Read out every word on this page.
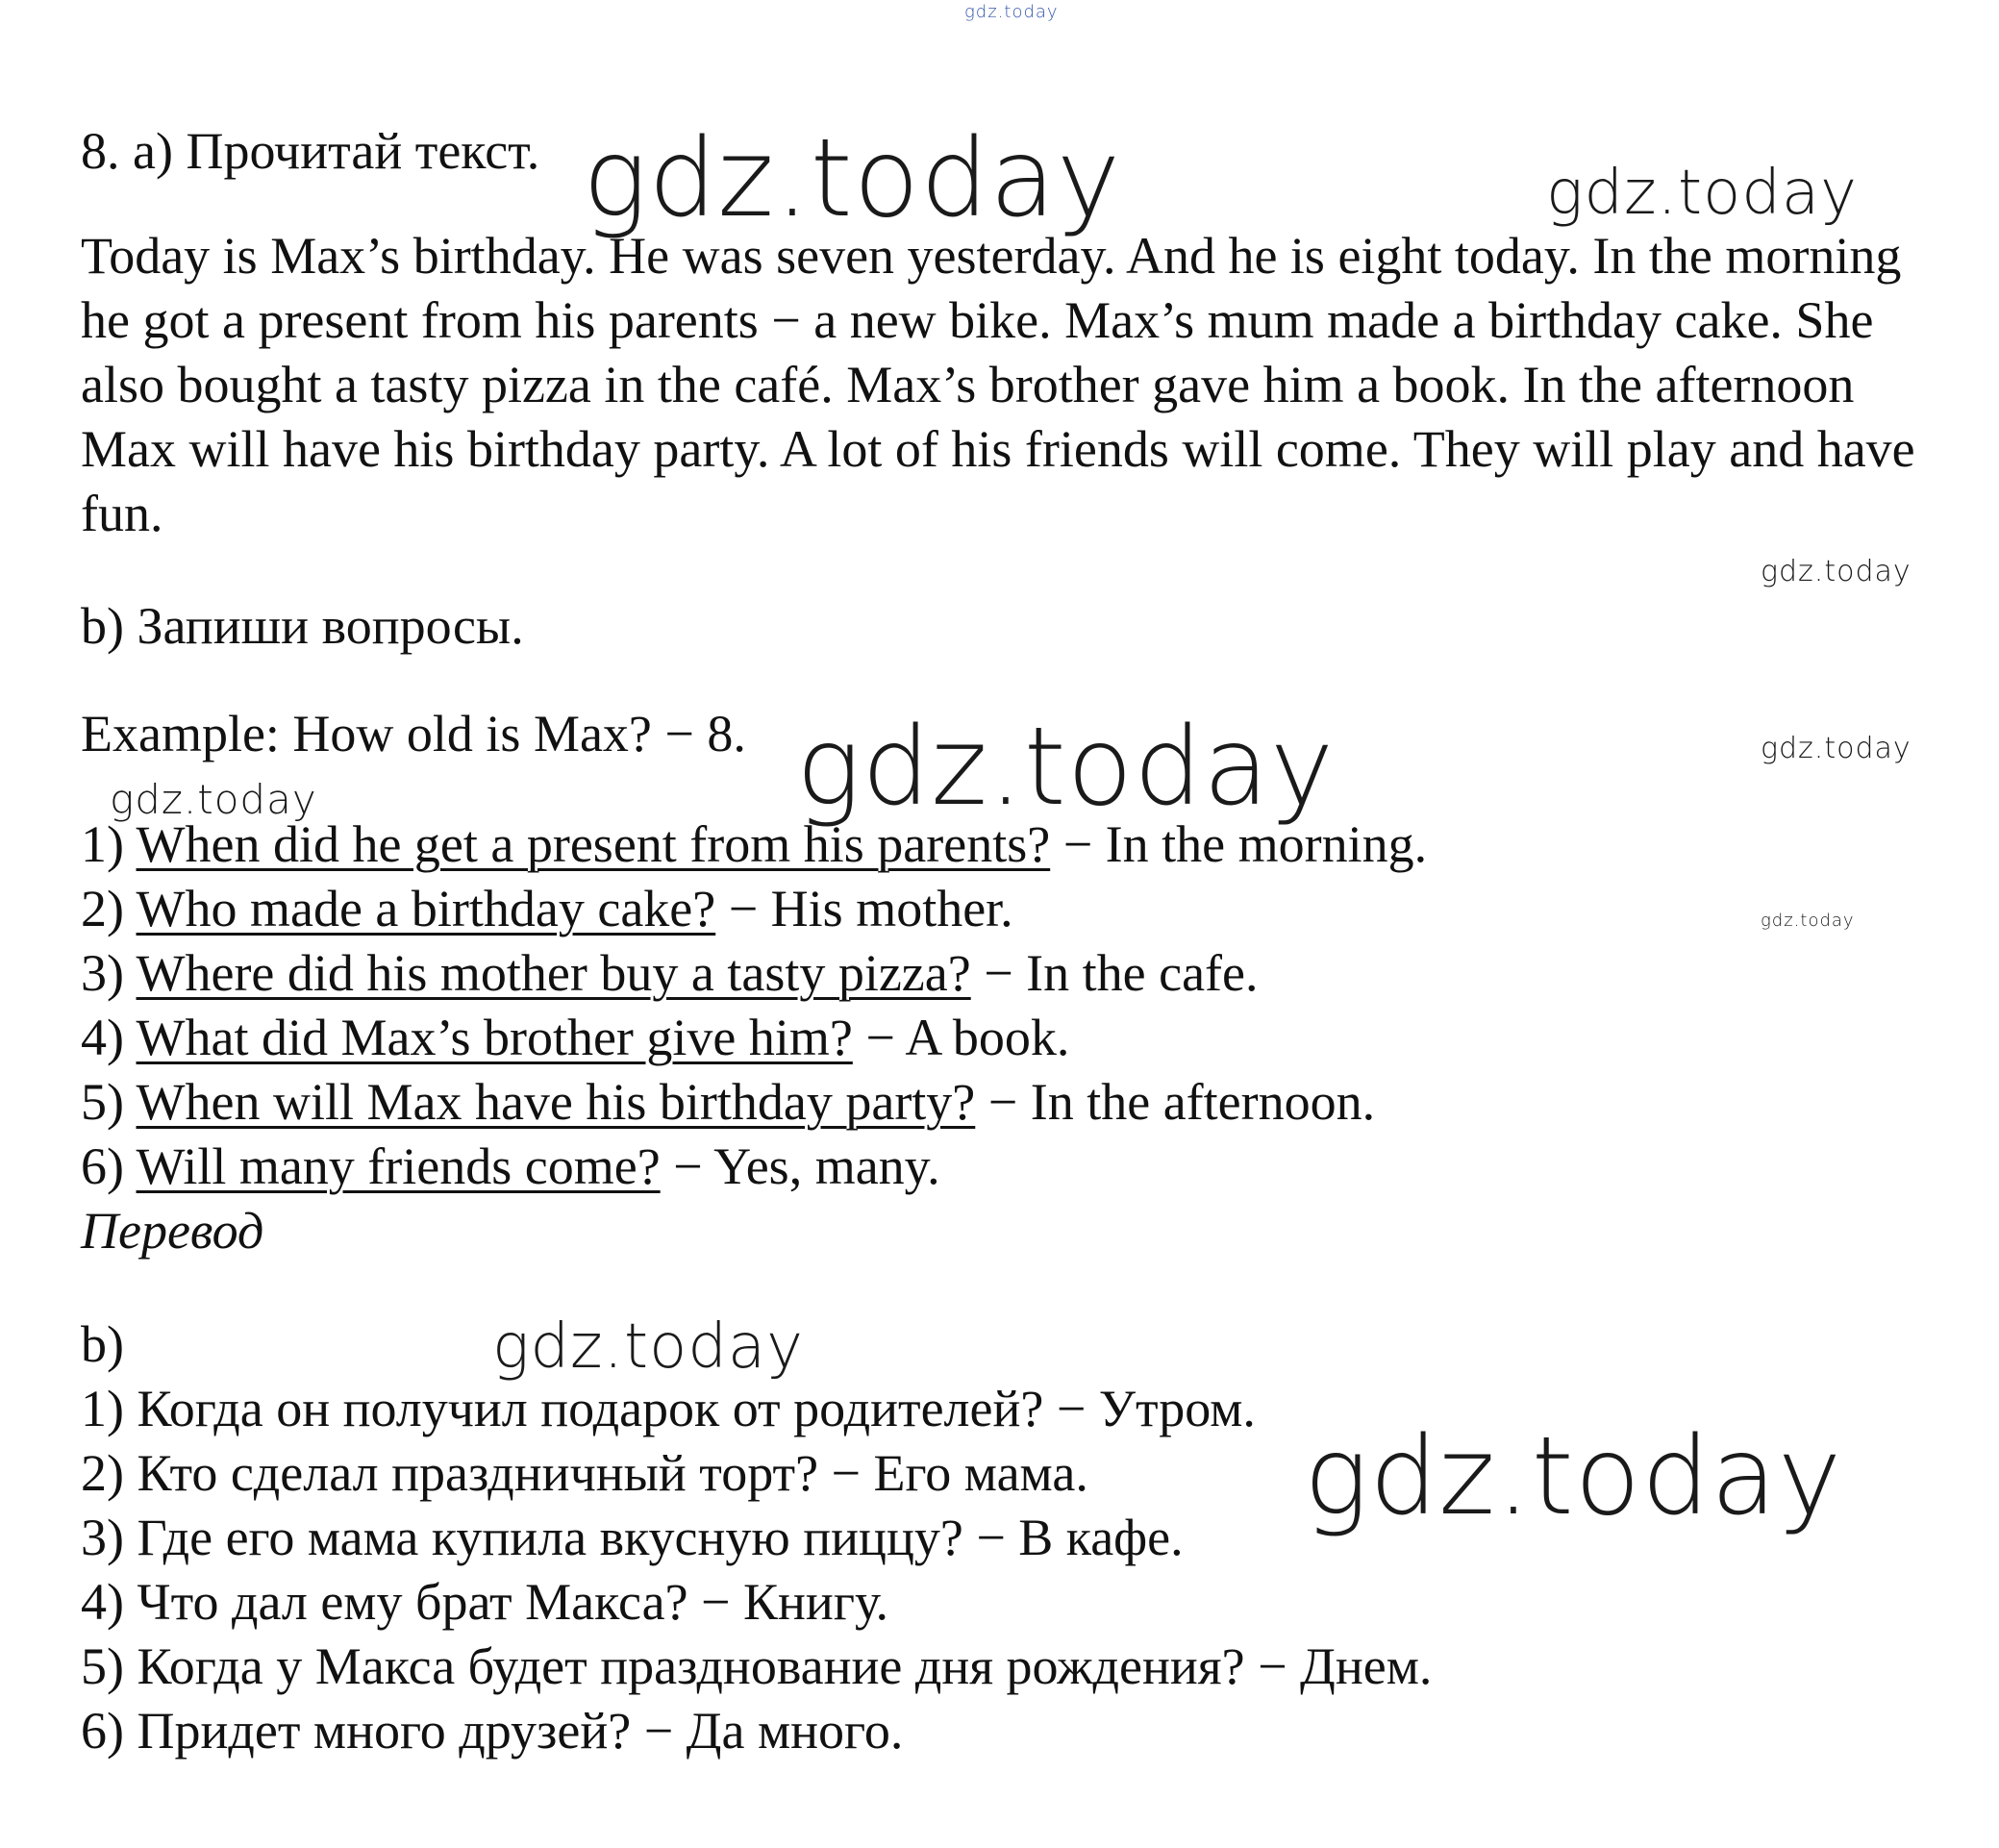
gdz.today
gdz.today	gdz.today
gdz.today
gdz.today	gdz.today
gdz.today
gdz.today
gdz.today
gdz.today
8. a) Прочитай текст.
Today is Max’s birthday. He was seven yesterday. And he is eight today. In the morning he got a present from his parents − a new bike. Max’s mum made a birthday cake. She also bought a tasty pizza in the café. Max’s brother gave him a book. In the afternoon Max will have his birthday party. A lot of his friends will come. They will play and have fun.
b) Запиши вопросы.
Example: How old is Max? − 8.
1) When did he get a present from his parents? − In the morning.
2) Who made a birthday cake? − His mother.
3) Where did his mother buy a tasty pizza? − In the cafe.
4) What did Max’s brother give him? − A book.
5) When will Max have his birthday party? − In the afternoon.
6) Will many friends come? − Yes, many.
Перевод
b)
1) Когда он получил подарок от родителей? − Утром.
2) Кто сделал праздничный торт? − Его мама.
3) Где его мама купила вкусную пиццу? − В кафе.
4) Что дал ему брат Макса? − Книгу.
5) Когда у Макса будет празднование дня рождения? − Днем.
6) Придет много друзей? − Да много.
